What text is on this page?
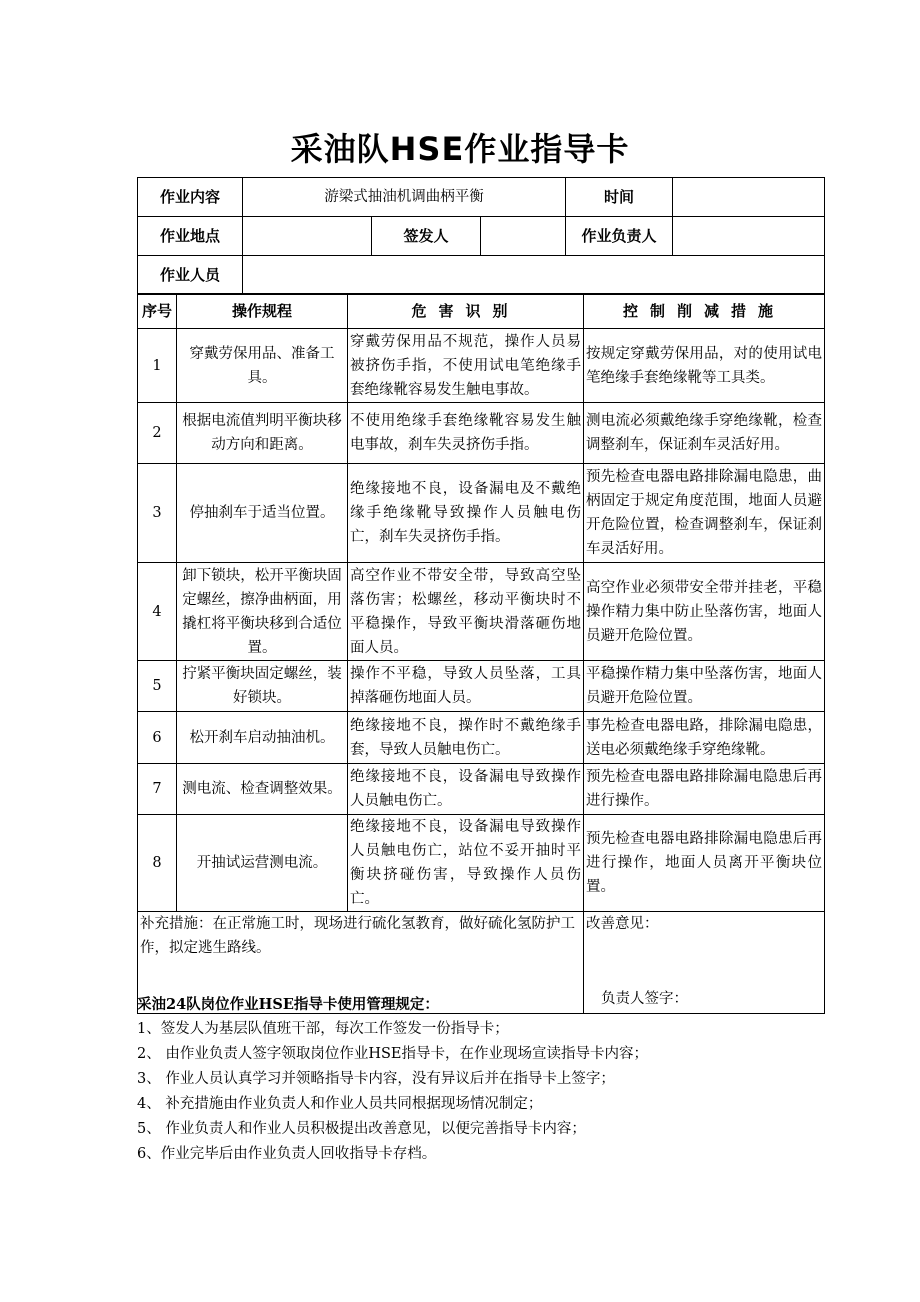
采油队HSE作业指导卡
作业内容	游梁式抽油机调曲柄平衡			时间	
作业地点		签发人		作业负责人	
作业人员					
序号	操作规程	危害识别	控制削减措施
1	穿戴劳保用品、准备工具。	穿戴劳保用品不规范，操作人员易被挤伤手指，不使用试电笔绝缘手套绝缘靴容易发生触电事故。	按规定穿戴劳保用品，对的使用试电笔绝缘手套绝缘靴等工具类。
2	根据电流值判明平衡块移动方向和距离。	不使用绝缘手套绝缘靴容易发生触电事故，刹车失灵挤伤手指。	测电流必须戴绝缘手穿绝缘靴，检查调整刹车，保证刹车灵活好用。
3	停抽刹车于适当位置。	绝缘接地不良，设备漏电及不戴绝缘手绝缘靴导致操作人员触电伤亡，刹车失灵挤伤手指。	预先检查电器电路排除漏电隐患，曲柄固定于规定角度范围，地面人员避开危险位置，检查调整刹车，保证刹车灵活好用。
4	卸下锁块，松开平衡块固定螺丝，擦净曲柄面，用撬杠将平衡块移到合适位置。	高空作业不带安全带，导致高空坠落伤害；松螺丝，移动平衡块时不平稳操作，导致平衡块滑落砸伤地面人员。	高空作业必须带安全带并挂老，平稳操作精力集中防止坠落伤害，地面人员避开危险位置。
5	拧紧平衡块固定螺丝，装好锁块。	操作不平稳，导致人员坠落，工具掉落砸伤地面人员。	平稳操作精力集中坠落伤害，地面人员避开危险位置。
6	松开刹车启动抽油机。	绝缘接地不良，操作时不戴绝缘手套，导致人员触电伤亡。	事先检查电器电路，排除漏电隐患，送电必须戴绝缘手穿绝缘靴。
7	测电流、检查调整效果。	绝缘接地不良，设备漏电导致操作人员触电伤亡。	预先检查电器电路排除漏电隐患后再进行操作。
8	开抽试运营测电流。	绝缘接地不良，设备漏电导致操作人员触电伤亡，站位不妥开抽时平衡块挤碰伤害，导致操作人员伤亡。	预先检查电器电路排除漏电隐患后再进行操作，地面人员离开平衡块位置。
补充措施：在正常施工时，现场进行硫化氢教育，做好硫化氢防护工作，拟定逃生路线。			改善意见：
负责人签字：
采油24队岗位作业HSE指导卡使用管理规定：
1、签发人为基层队值班干部，每次工作签发一份指导卡；
2、 由作业负责人签字领取岗位作业HSE指导卡，在作业现场宣读指导卡内容；
3、 作业人员认真学习并领略指导卡内容，没有异议后并在指导卡上签字；
4、 补充措施由作业负责人和作业人员共同根据现场情况制定；
5、 作业负责人和作业人员积极提出改善意见，以便完善指导卡内容；
6、作业完毕后由作业负责人回收指导卡存档。
